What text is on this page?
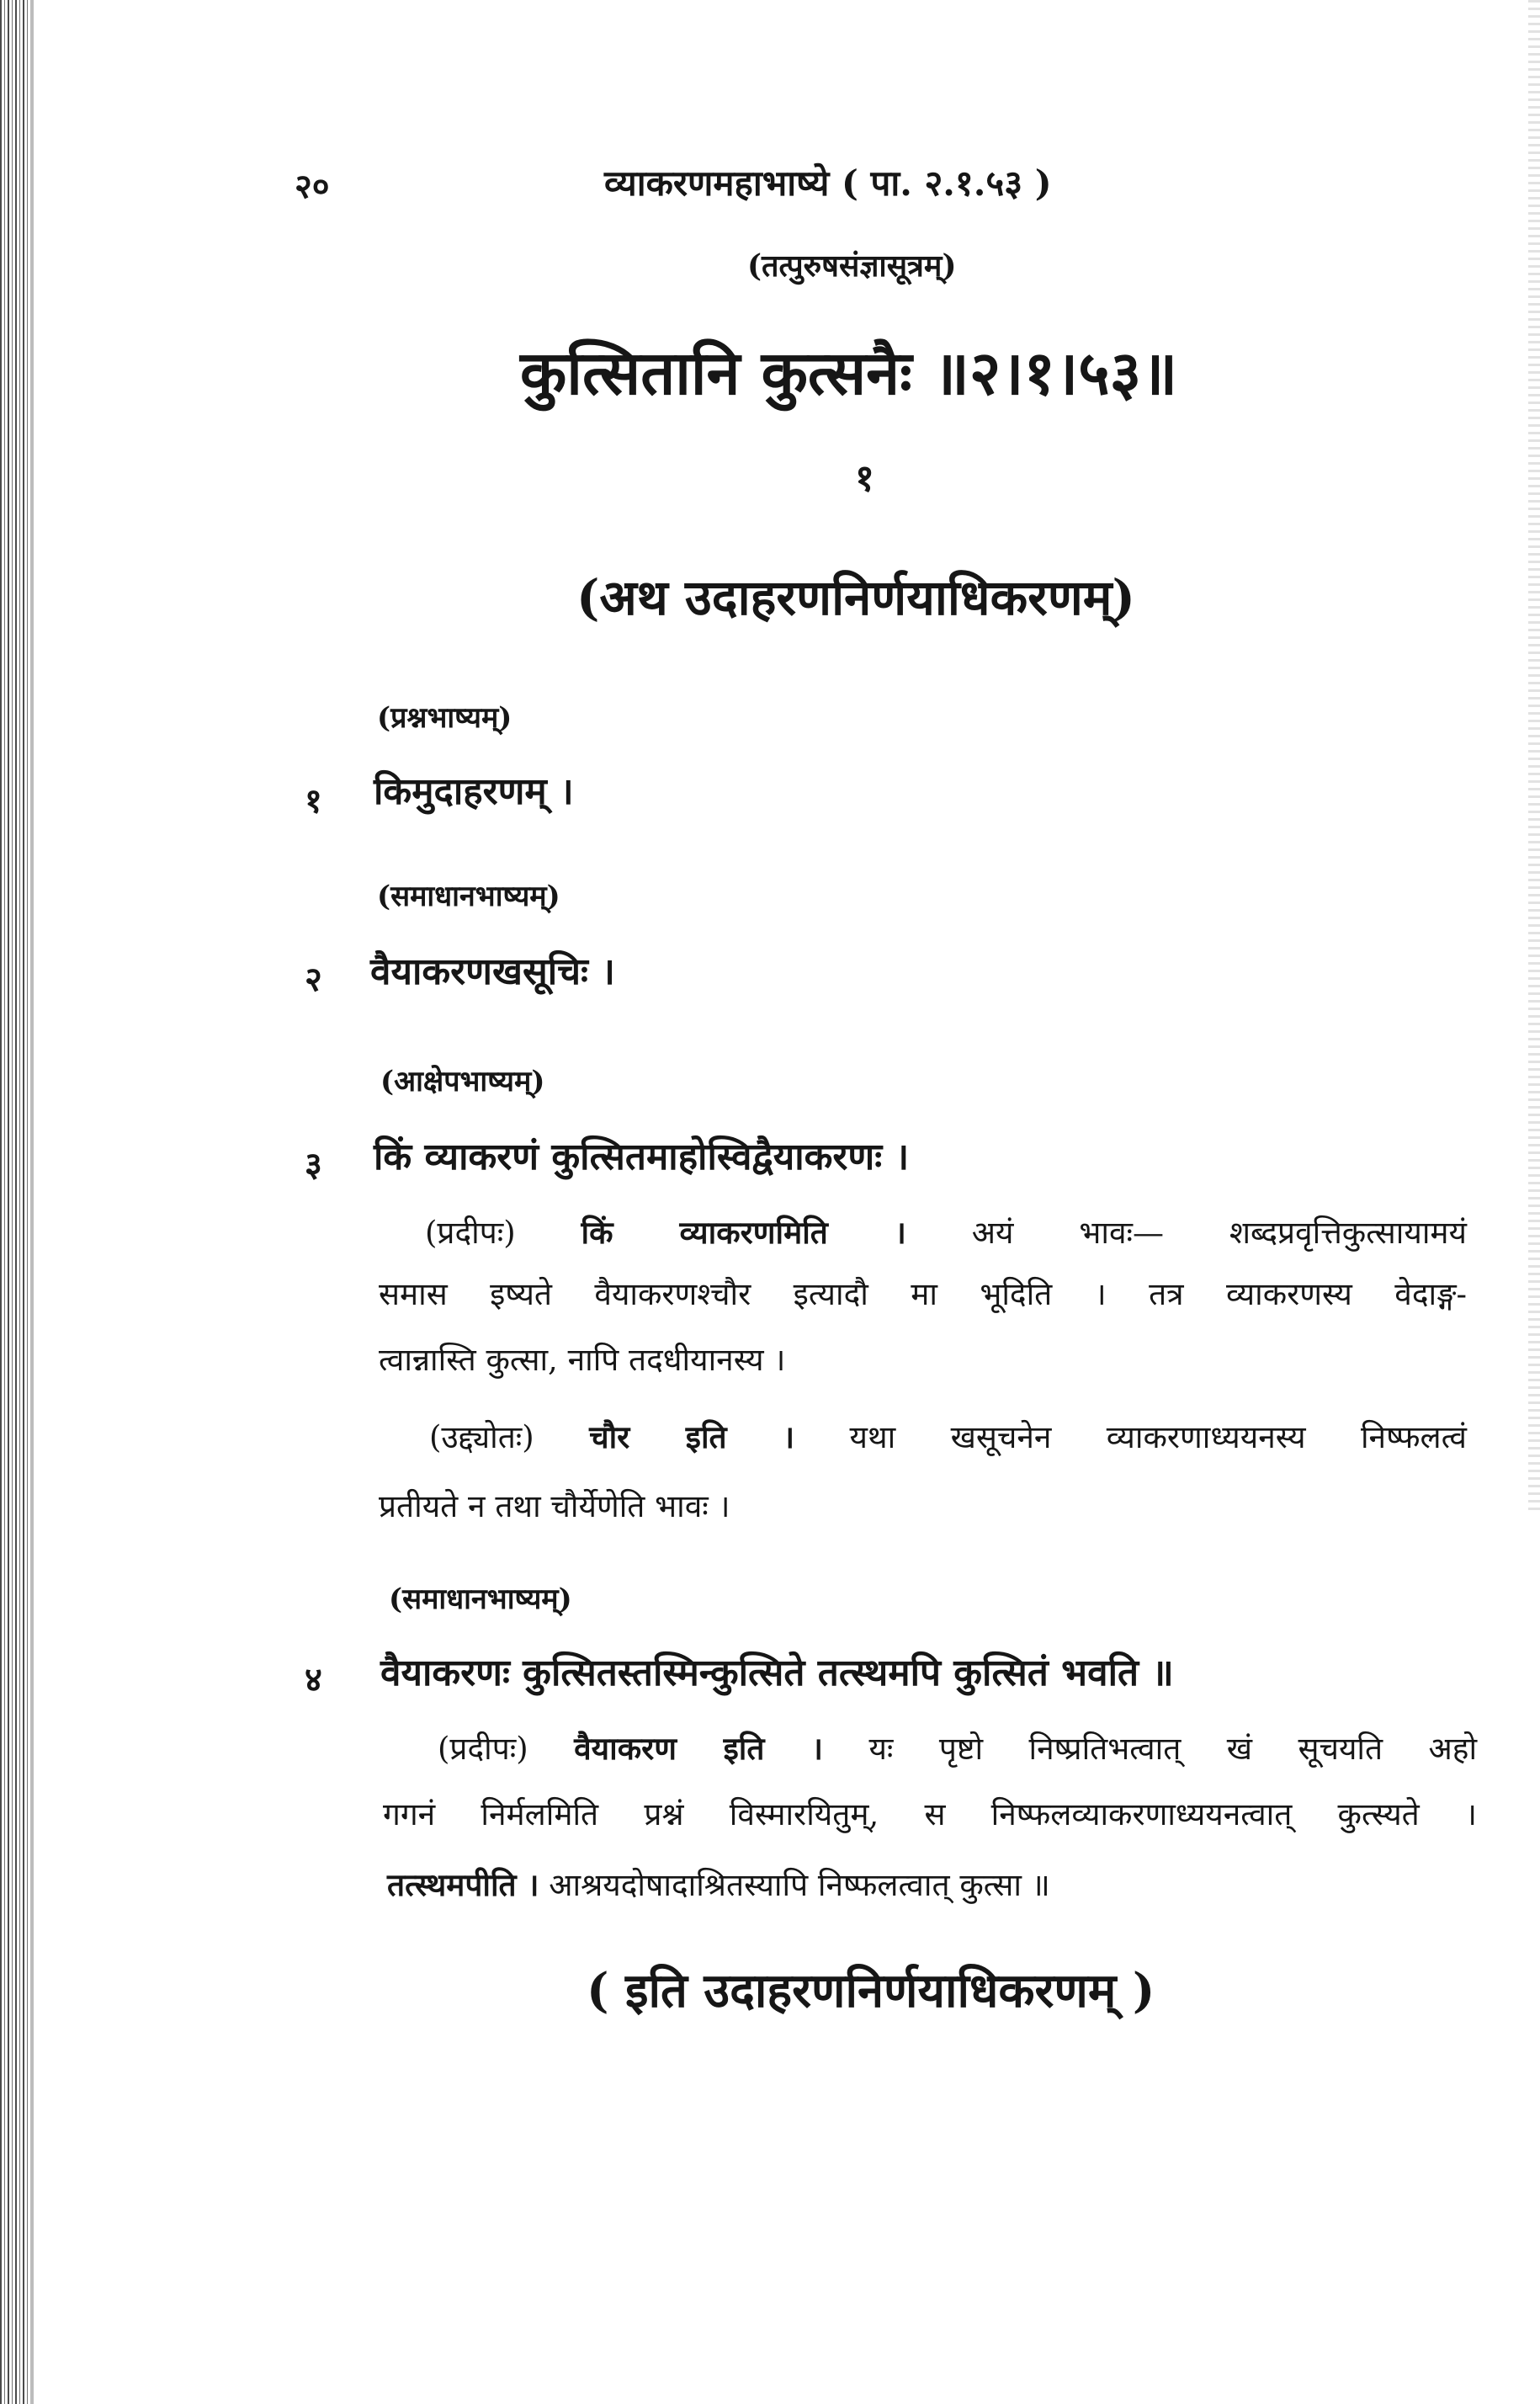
२०	व्याकरणमहाभाष्ये ( पा. २.१.५३ )
(तत्पुरुषसंज्ञासूत्रम्)
कुत्सितानि कुत्सनैः ॥२।१।५३॥
१
(अथ उदाहरणनिर्णयाधिकरणम्)
(प्रश्नभाष्यम्)
१ किमुदाहरणम् ।
(समाधानभाष्यम्)
२ वैयाकरणखसूचिः ।
(आक्षेपभाष्यम्)
३ किं व्याकरणं कुत्सितमाहोस्विद्वैयाकरणः ।
(प्रदीपः) किं व्याकरणमिति । अयं भावः— शब्दप्रवृत्तिकुत्सायामयं
समास इष्यते वैयाकरणश्चौर इत्यादौ मा भूदिति । तत्र व्याकरणस्य वेदाङ्ग-
त्वान्नास्ति कुत्सा, नापि तदधीयानस्य ।
(उद्द्योतः) चौर इति । यथा खसूचनेन व्याकरणाध्ययनस्य निष्फलत्वं
प्रतीयते न तथा चौर्येणेति भावः ।
(समाधानभाष्यम्)
४ वैयाकरणः कुत्सितस्तस्मिन्कुत्सिते तत्स्थमपि कुत्सितं भवति ॥
(प्रदीपः) वैयाकरण इति । यः पृष्टो निष्प्रतिभत्वात् खं सूचयति अहो
गगनं निर्मलमिति प्रश्नं विस्मारयितुम्, स निष्फलव्याकरणाध्ययनत्वात् कुत्स्यते ।
तत्स्थमपीति । आश्रयदोषादाश्रितस्यापि निष्फलत्वात् कुत्सा ॥
( इति उदाहरणनिर्णयाधिकरणम् )
